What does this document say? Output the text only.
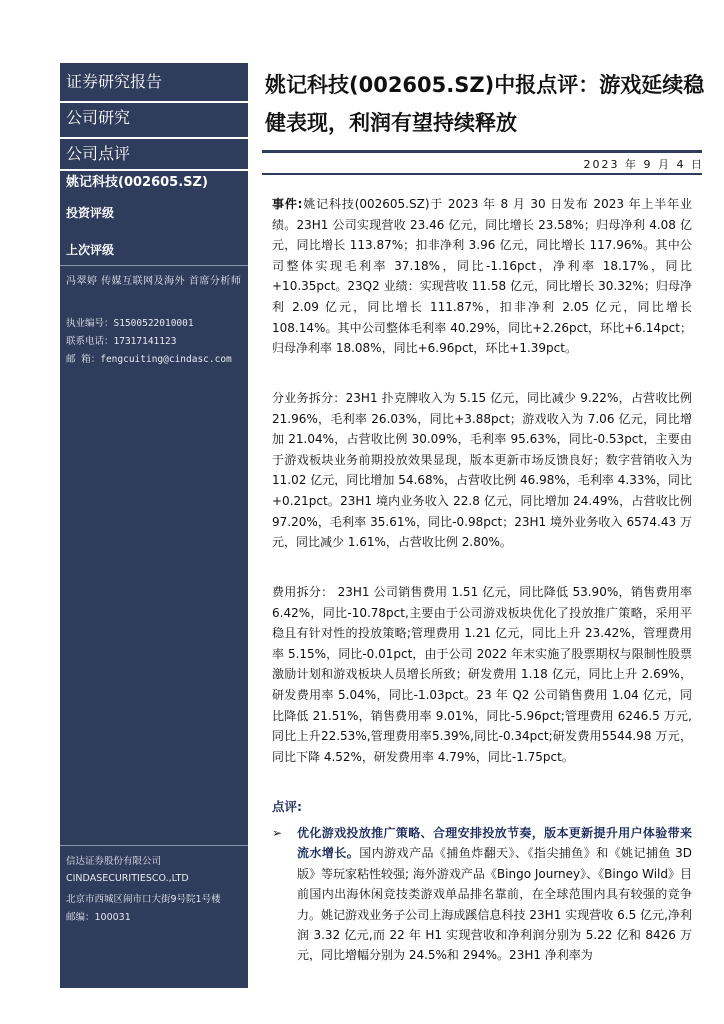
证券研究报告
公司研究
公司点评
姚记科技(002605.SZ)
投资评级
上次评级
冯翠婷 传媒互联网及海外 首席分析师
执业编号：S1500522010001
联系电话：17317141123
邮 箱：fengcuiting@cindasc.com
信达证券股份有限公司
CINDASECURITIESCO.,LTD
北京市西城区闹市口大街9号院1号楼
邮编：100031
姚记科技(002605.SZ)中报点评：游戏延续稳健表现，利润有望持续释放
2023 年 9 月 4 日

事件:姚记科技(002605.SZ)于 2023 年 8 月 30 日发布 2023 年上半年业绩。23H1 公司实现营收 23.46 亿元，同比增长 23.58%；归母净利 4.08 亿元，同比增长 113.87%；扣非净利 3.96 亿元，同比增长 117.96%。其中公司整体实现毛利率 37.18%，同比-1.16pct，净利率 18.17%，同比+10.35pct。23Q2 业绩：实现营收 11.58 亿元，同比增长 30.32%；归母净利 2.09 亿元，同比增长 111.87%，扣非净利 2.05 亿元，同比增长 108.14%。其中公司整体毛利率 40.29%，同比+2.26pct，环比+6.14pct；归母净利率 18.08%，同比+6.96pct，环比+1.39pct。

分业务拆分：23H1 扑克牌收入为 5.15 亿元，同比减少 9.22%，占营收比例 21.96%，毛利率 26.03%，同比+3.88pct；游戏收入为 7.06 亿元，同比增加 21.04%，占营收比例 30.09%，毛利率 95.63%，同比-0.53pct，主要由于游戏板块业务前期投放效果显现，版本更新市场反馈良好；数字营销收入为 11.02 亿元，同比增加 54.68%，占营收比例 46.98%，毛利率 4.33%，同比+0.21pct。23H1 境内业务收入 22.8 亿元，同比增加 24.49%，占营收比例 97.20%，毛利率 35.61%，同比-0.98pct；23H1 境外业务收入 6574.43 万元，同比减少 1.61%，占营收比例 2.80%。

费用拆分： 23H1 公司销售费用 1.51 亿元，同比降低 53.90%，销售费用率 6.42%，同比-10.78pct,主要由于公司游戏板块优化了投放推广策略，采用平稳且有针对性的投放策略;管理费用 1.21 亿元，同比上升 23.42%，管理费用率 5.15%，同比-0.01pct，由于公司 2022 年末实施了股票期权与限制性股票激励计划和游戏板块人员增长所致；研发费用 1.18 亿元，同比上升 2.69%，研发费用率 5.04%，同比-1.03pct。23 年 Q2 公司销售费用 1.04 亿元，同比降低 21.51%，销售费用率 9.01%，同比-5.96pct;管理费用 6246.5 万元,同比上升22.53%,管理费用率5.39%,同比-0.34pct;研发费用5544.98 万元，同比下降 4.52%，研发费用率 4.79%，同比-1.75pct。

点评:
➢ 优化游戏投放推广策略、合理安排投放节奏，版本更新提升用户体验带来流水增长。国内游戏产品《捕鱼炸翻天》、《指尖捕鱼》和《姚记捕鱼 3D 版》等玩家粘性较强; 海外游戏产品《Bingo Journey》、《Bingo Wild》目前国内出海休闲竞技类游戏单品排名靠前，在全球范围内具有较强的竞争力。姚记游戏业务子公司上海成蹊信息科技 23H1 实现营收 6.5 亿元,净利润 3.32 亿元,而 22 年 H1 实现营收和净利润分别为 5.22 亿和 8426 万元，同比增幅分别为 24.5%和 294%。23H1 净利率为
